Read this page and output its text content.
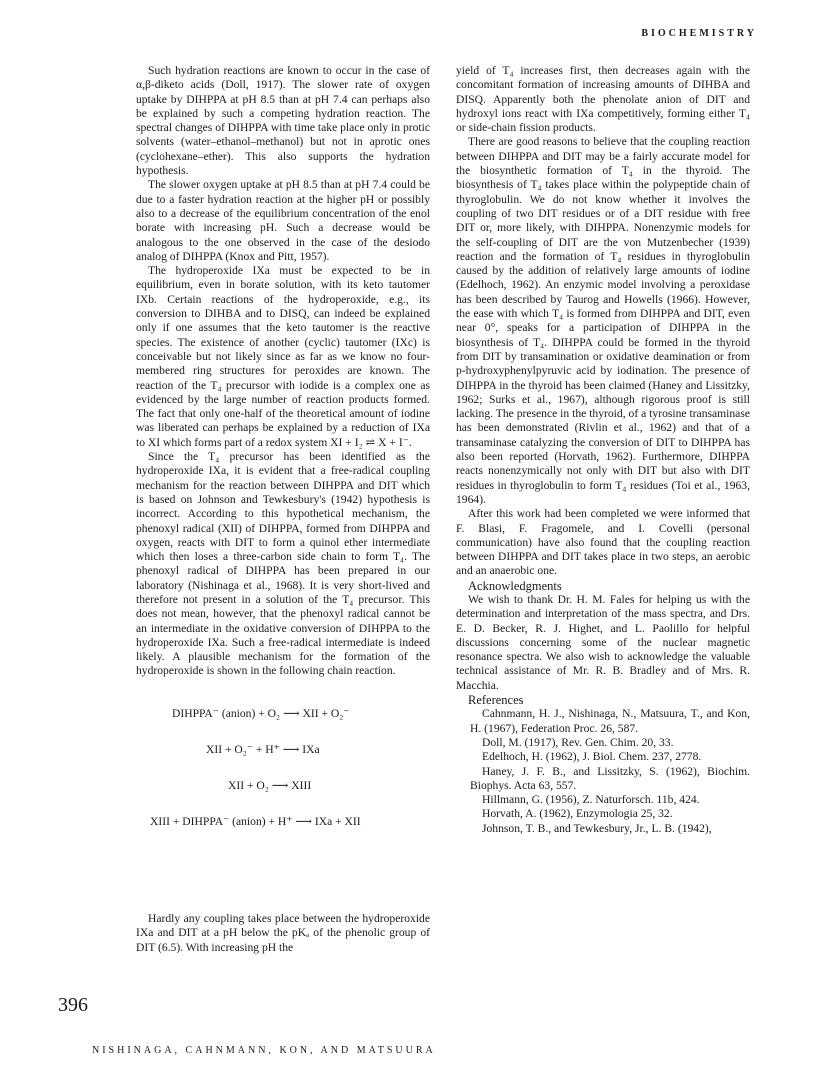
BIOCHEMISTRY

Such hydration reactions are known to occur in the case of α,β-diketo acids (Doll, 1917). The slower rate of oxygen uptake by DIHPPA at pH 8.5 than at pH 7.4 can perhaps also be explained by such a competing hydration reaction. The spectral changes of DIHPPA with time take place only in protic solvents (water–ethanol–methanol) but not in aprotic ones (cyclohexane–ether). This also supports the hydration hypothesis.

The slower oxygen uptake at pH 8.5 than at pH 7.4 could be due to a faster hydration reaction at the higher pH or possibly also to a decrease of the equilibrium concentration of the enol borate with increasing pH. Such a decrease would be analogous to the one observed in the case of the desiodo analog of DIHPPA (Knox and Pitt, 1957).

The hydroperoxide IXa must be expected to be in equilibrium, even in borate solution, with its keto tautomer IXb. Certain reactions of the hydroperoxide, e.g., its conversion to DIHBA and to DISQ, can indeed be explained only if one assumes that the keto tautomer is the reactive species. The existence of another (cyclic) tautomer (IXc) is conceivable but not likely since as far as we know no four-membered ring structures for peroxides are known. The reaction of the T₄ precursor with iodide is a complex one as evidenced by the large number of reaction products formed. The fact that only one-half of the theoretical amount of iodine was liberated can perhaps be explained by a reduction of IXa to XI which forms part of a redox system XI + I₂ ⇌ X + I⁻.

Since the T₄ precursor has been identified as the hydroperoxide IXa, it is evident that a free-radical coupling mechanism for the reaction between DIHPPA and DIT which is based on Johnson and Tewkesbury's (1942) hypothesis is incorrect. According to this hypothetical mechanism, the phenoxyl radical (XII) of DIHPPA, formed from DIHPPA and oxygen, reacts with DIT to form a quinol ether intermediate which then loses a three-carbon side chain to form T₄. The phenoxyl radical of DIHPPA has been prepared in our laboratory (Nishinaga et al., 1968). It is very short-lived and therefore not present in a solution of the T₄ precursor. This does not mean, however, that the phenoxyl radical cannot be an intermediate in the oxidative conversion of DIHPPA to the hydroperoxide IXa. Such a free-radical intermediate is indeed likely. A plausible mechanism for the formation of the hydroperoxide is shown in the following chain reaction.

DIHPPA⁻ (anion) + O₂ ⟶ XII + O₂⁻
XII + O₂⁻ + H⁺ ⟶ IXa
XII + O₂ ⟶ XIII
XIII + DIHPPA⁻ (anion) + H⁺ ⟶ IXa + XII

Hardly any coupling takes place between the hydroperoxide IXa and DIT at a pH below the pKₐ of the phenolic group of DIT (6.5). With increasing pH the

396

yield of T₄ increases first, then decreases again with the concomitant formation of increasing amounts of DIHBA and DISQ. Apparently both the phenolate anion of DIT and hydroxyl ions react with IXa competitively, forming either T₄ or side-chain fission products.

There are good reasons to believe that the coupling reaction between DIHPPA and DIT may be a fairly accurate model for the biosynthetic formation of T₄ in the thyroid. The biosynthesis of T₄ takes place within the polypeptide chain of thyroglobulin. We do not know whether it involves the coupling of two DIT residues or of a DIT residue with free DIT or, more likely, with DIHPPA. Nonenzymic models for the self-coupling of DIT are the von Mutzenbecher (1939) reaction and the formation of T₄ residues in thyroglobulin caused by the addition of relatively large amounts of iodine (Edelhoch, 1962). An enzymic model involving a peroxidase has been described by Taurog and Howells (1966). However, the ease with which T₄ is formed from DIHPPA and DIT, even near 0°, speaks for a participation of DIHPPA in the biosynthesis of T₄. DIHPPA could be formed in the thyroid from DIT by transamination or oxidative deamination or from p-hydroxyphenylpyruvic acid by iodination. The presence of DIHPPA in the thyroid has been claimed (Haney and Lissitzky, 1962; Surks et al., 1967), although rigorous proof is still lacking. The presence in the thyroid, of a tyrosine transaminase has been demonstrated (Rivlin et al., 1962) and that of a transaminase catalyzing the conversion of DIT to DIHPPA has also been reported (Horvath, 1962). Furthermore, DIHPPA reacts nonenzymically not only with DIT but also with DIT residues in thyroglobulin to form T₄ residues (Toi et al., 1963, 1964).

After this work had been completed we were informed that F. Blasi, F. Fragomele, and I. Covelli (personal communication) have also found that the coupling reaction between DIHPPA and DIT takes place in two steps, an aerobic and an anaerobic one.

Acknowledgments

We wish to thank Dr. H. M. Fales for helping us with the determination and interpretation of the mass spectra, and Drs. E. D. Becker, R. J. Highet, and L. Paolillo for helpful discussions concerning some of the nuclear magnetic resonance spectra. We also wish to acknowledge the valuable technical assistance of Mr. R. B. Bradley and of Mrs. R. Macchia.

References

Cahnmann, H. J., Nishinaga, N., Matsuura, T., and Kon, H. (1967), Federation Proc. 26, 587.

Doll, M. (1917), Rev. Gen. Chim. 20, 33.

Edelhoch, H. (1962), J. Biol. Chem. 237, 2778.

Haney, J. F. B., and Lissitzky, S. (1962), Biochim. Biophys. Acta 63, 557.

Hillmann, G. (1956), Z. Naturforsch. 11b, 424.

Horvath, A. (1962), Enzymologia 25, 32.

Johnson, T. B., and Tewkesbury, Jr., L. B. (1942),

NISHINAGA, CAHNMANN, KON, AND MATSUURA
